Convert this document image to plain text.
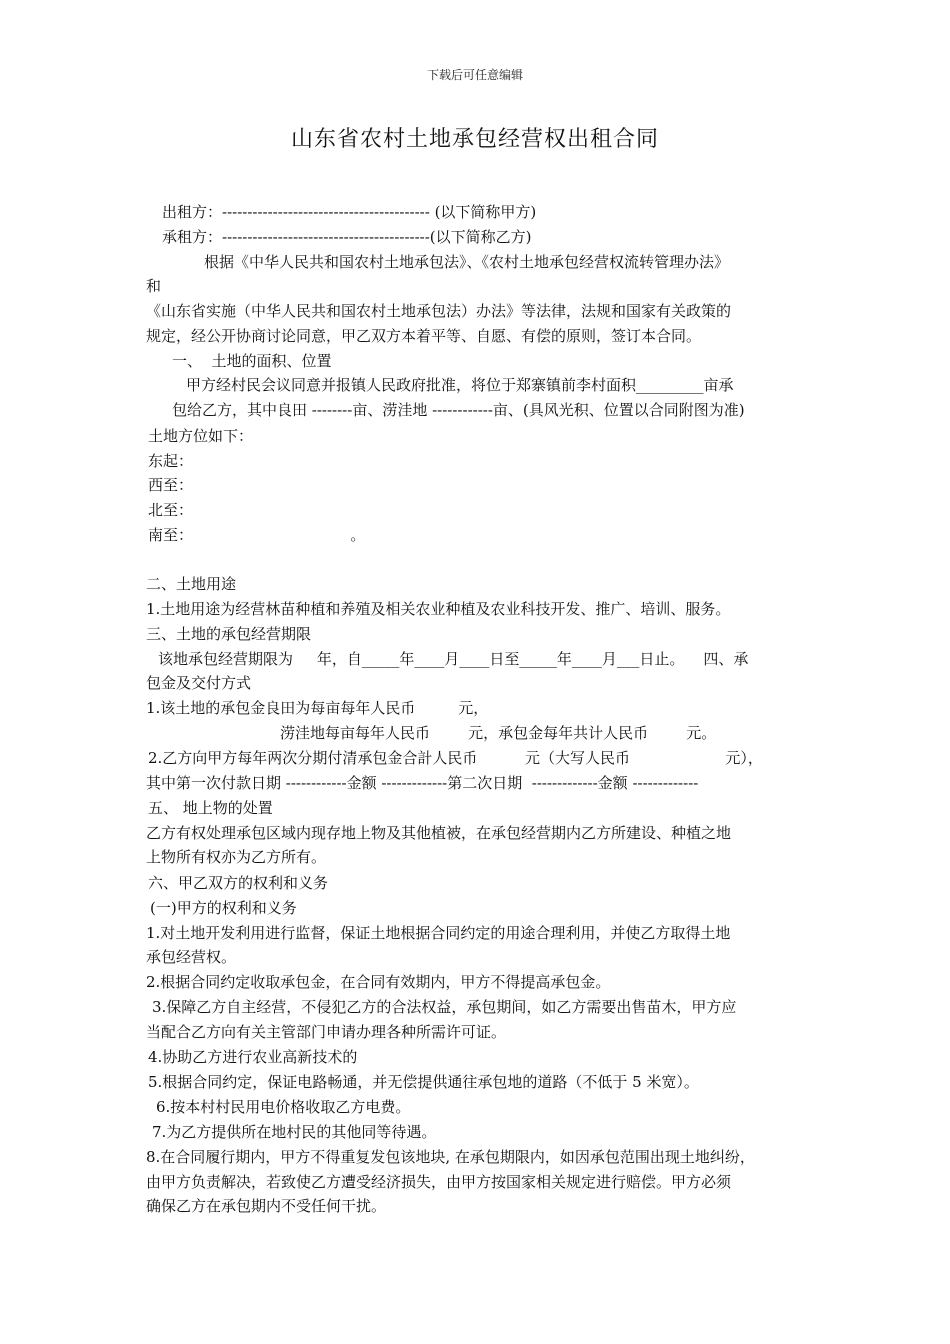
下载后可任意编辑
山东省农村土地承包经营权出租合同
出租方：----------------------------------------- (以下简称甲方)
承租方：-----------------------------------------(以下简称乙方)
根据《中华人民共和国农村土地承包法》、《农村土地承包经营权流转管理办法》
和
《山东省实施（中华人民共和国农村土地承包法）办法》等法律，法规和国家有关政策的
规定，经公开协商讨论同意，甲乙双方本着平等、自愿、有偿的原则，签订本合同。
一、  土地的面积、位置
甲方经村民会议同意并报镇人民政府批准，将位于郑寨镇前李村面积_________亩承
包给乙方，其中良田 --------亩、涝洼地 ------------亩、(具风光积、位置以合同附图为准)
土地方位如下：
东起：
西至：
北至：
南至：                                 。
二、土地用途
1.土地用途为经营林苗种植和养殖及相关农业种植及农业科技开发、推广、培训、服务。
三、土地的承包经营期限
该地承包经营期限为     年，自_____年____月____日至_____年____月___日止。    四、承
包金及交付方式
1.该土地的承包金良田为每亩每年人民币         元，
涝洼地每亩每年人民币        元，承包金每年共计人民币        元。
2.乙方向甲方每年两次分期付清承包金合計人民币          元（大写人民币                    元），
其中第一次付款日期 ------------金额 -------------第二次日期  -------------金额 -------------
五、 地上物的处置
乙方有权处理承包区域内现存地上物及其他植被，在承包经营期内乙方所建设、种植之地
上物所有权亦为乙方所有。
六、甲乙双方的权利和义务
(一)甲方的权利和义务
1.对土地开发利用进行监督，保证土地根据合同约定的用途合理利用，并使乙方取得土地
承包经营权。
2.根据合同约定收取承包金，在合同有效期内，甲方不得提高承包金。
3.保障乙方自主经营，不侵犯乙方的合法权益，承包期间，如乙方需要出售苗木，甲方应
当配合乙方向有关主管部门申请办理各种所需许可证。
4.协助乙方进行农业高新技术的
5.根据合同约定，保证电路畅通，并无偿提供通往承包地的道路（不低于 5 米宽）。
6.按本村村民用电价格收取乙方电费。
7.为乙方提供所在地村民的其他同等待遇。
8.在合同履行期内，甲方不得重复发包该地块, 在承包期限内，如因承包范围出现土地纠纷，
由甲方负责解决，若致使乙方遭受经济损失，由甲方按国家相关规定进行赔偿。甲方必须
确保乙方在承包期内不受任何干扰。
